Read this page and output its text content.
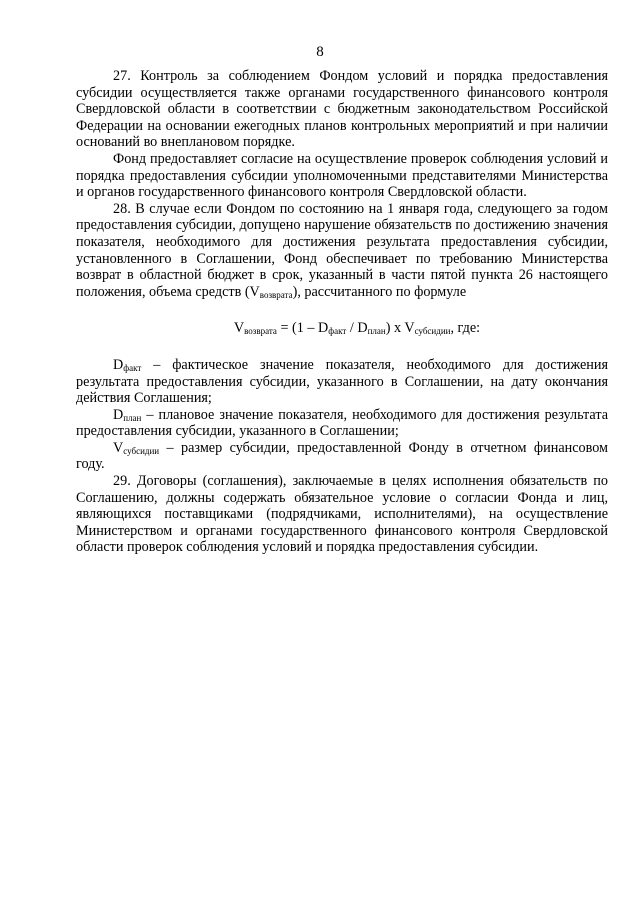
8

27. Контроль за соблюдением Фондом условий и порядка предоставления субсидии осуществляется также органами государственного финансового контроля Свердловской области в соответствии с бюджетным законодательством Российской Федерации на основании ежегодных планов контрольных мероприятий и при наличии оснований во внеплановом порядке.

Фонд предоставляет согласие на осуществление проверок соблюдения условий и порядка предоставления субсидии уполномоченными представителями Министерства и органов государственного финансового контроля Свердловской области.

28. В случае если Фондом по состоянию на 1 января года, следующего за годом предоставления субсидии, допущено нарушение обязательств по достижению значения показателя, необходимого для достижения результата предоставления субсидии, установленного в Соглашении, Фонд обеспечивает по требованию Министерства возврат в областной бюджет в срок, указанный в части пятой пункта 26 настоящего положения, объема средств $(V_{возврата})$, рассчитанного по формуле

$V_{возврата} = (1 - D_{факт} / D_{план})$ x $V_{субсидии}$, где:

$D_{факт}$ – фактическое значение показателя, необходимого для достижения результата предоставления субсидии, указанного в Соглашении, на дату окончания действия Соглашения;

$D_{план}$ – плановое значение показателя, необходимого для достижения результата предоставления субсидии, указанного в Соглашении;

$V_{субсидии}$ – размер субсидии, предоставленной Фонду в отчетном финансовом году.

29. Договоры (соглашения), заключаемые в целях исполнения обязательств по Соглашению, должны содержать обязательное условие о согласии Фонда и лиц, являющихся поставщиками (подрядчиками, исполнителями), на осуществление Министерством и органами государственного финансового контроля Свердловской области проверок соблюдения условий и порядка предоставления субсидии.
